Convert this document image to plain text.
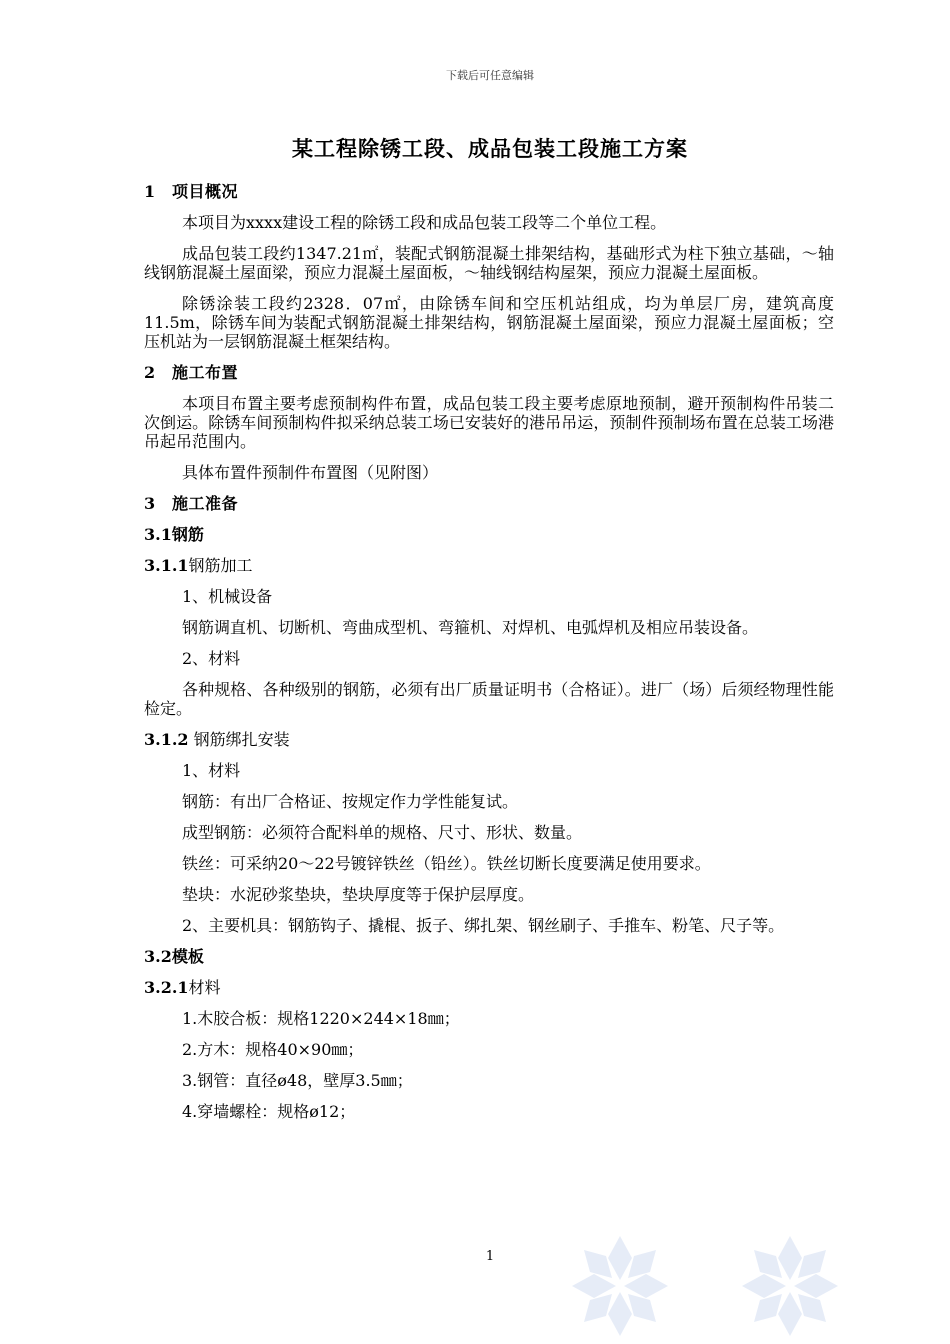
下载后可任意编辑
某工程除锈工段、成品包装工段施工方案
1 项目概况
本项目为xxxx建设工程的除锈工段和成品包装工段等二个单位工程。
成品包装工段约1347.21㎡，装配式钢筋混凝土排架结构，基础形式为柱下独立基础，～轴线钢筋混凝土屋面梁，预应力混凝土屋面板，～轴线钢结构屋架，预应力混凝土屋面板。
除锈涂装工段约2328．07㎡，由除锈车间和空压机站组成，均为单层厂房，建筑高度11.5m，除锈车间为装配式钢筋混凝土排架结构，钢筋混凝土屋面梁，预应力混凝土屋面板；空压机站为一层钢筋混凝土框架结构。
2 施工布置
本项目布置主要考虑预制构件布置，成品包装工段主要考虑原地预制，避开预制构件吊装二次倒运。除锈车间预制构件拟采纳总装工场已安装好的港吊吊运，预制件预制场布置在总装工场港吊起吊范围内。
具体布置件预制件布置图（见附图）
3 施工准备
3.1钢筋
3.1.1钢筋加工
1、机械设备
钢筋调直机、切断机、弯曲成型机、弯箍机、对焊机、电弧焊机及相应吊装设备。
2、材料
各种规格、各种级别的钢筋，必须有出厂质量证明书（合格证）。进厂（场）后须经物理性能检定。
3.1.2 钢筋绑扎安装
1、材料
钢筋：有出厂合格证、按规定作力学性能复试。
成型钢筋：必须符合配料单的规格、尺寸、形状、数量。
铁丝：可采纳20～22号镀锌铁丝（铅丝）。铁丝切断长度要满足使用要求。
垫块：水泥砂浆垫块，垫块厚度等于保护层厚度。
2、主要机具：钢筋钩子、撬棍、扳子、绑扎架、钢丝刷子、手推车、粉笔、尺子等。
3.2模板
3.2.1材料
1.木胶合板：规格1220×244×18㎜；
2.方木：规格40×90㎜；
3.钢管：直径ø48，壁厚3.5㎜；
4.穿墙螺栓：规格ø12；
1
